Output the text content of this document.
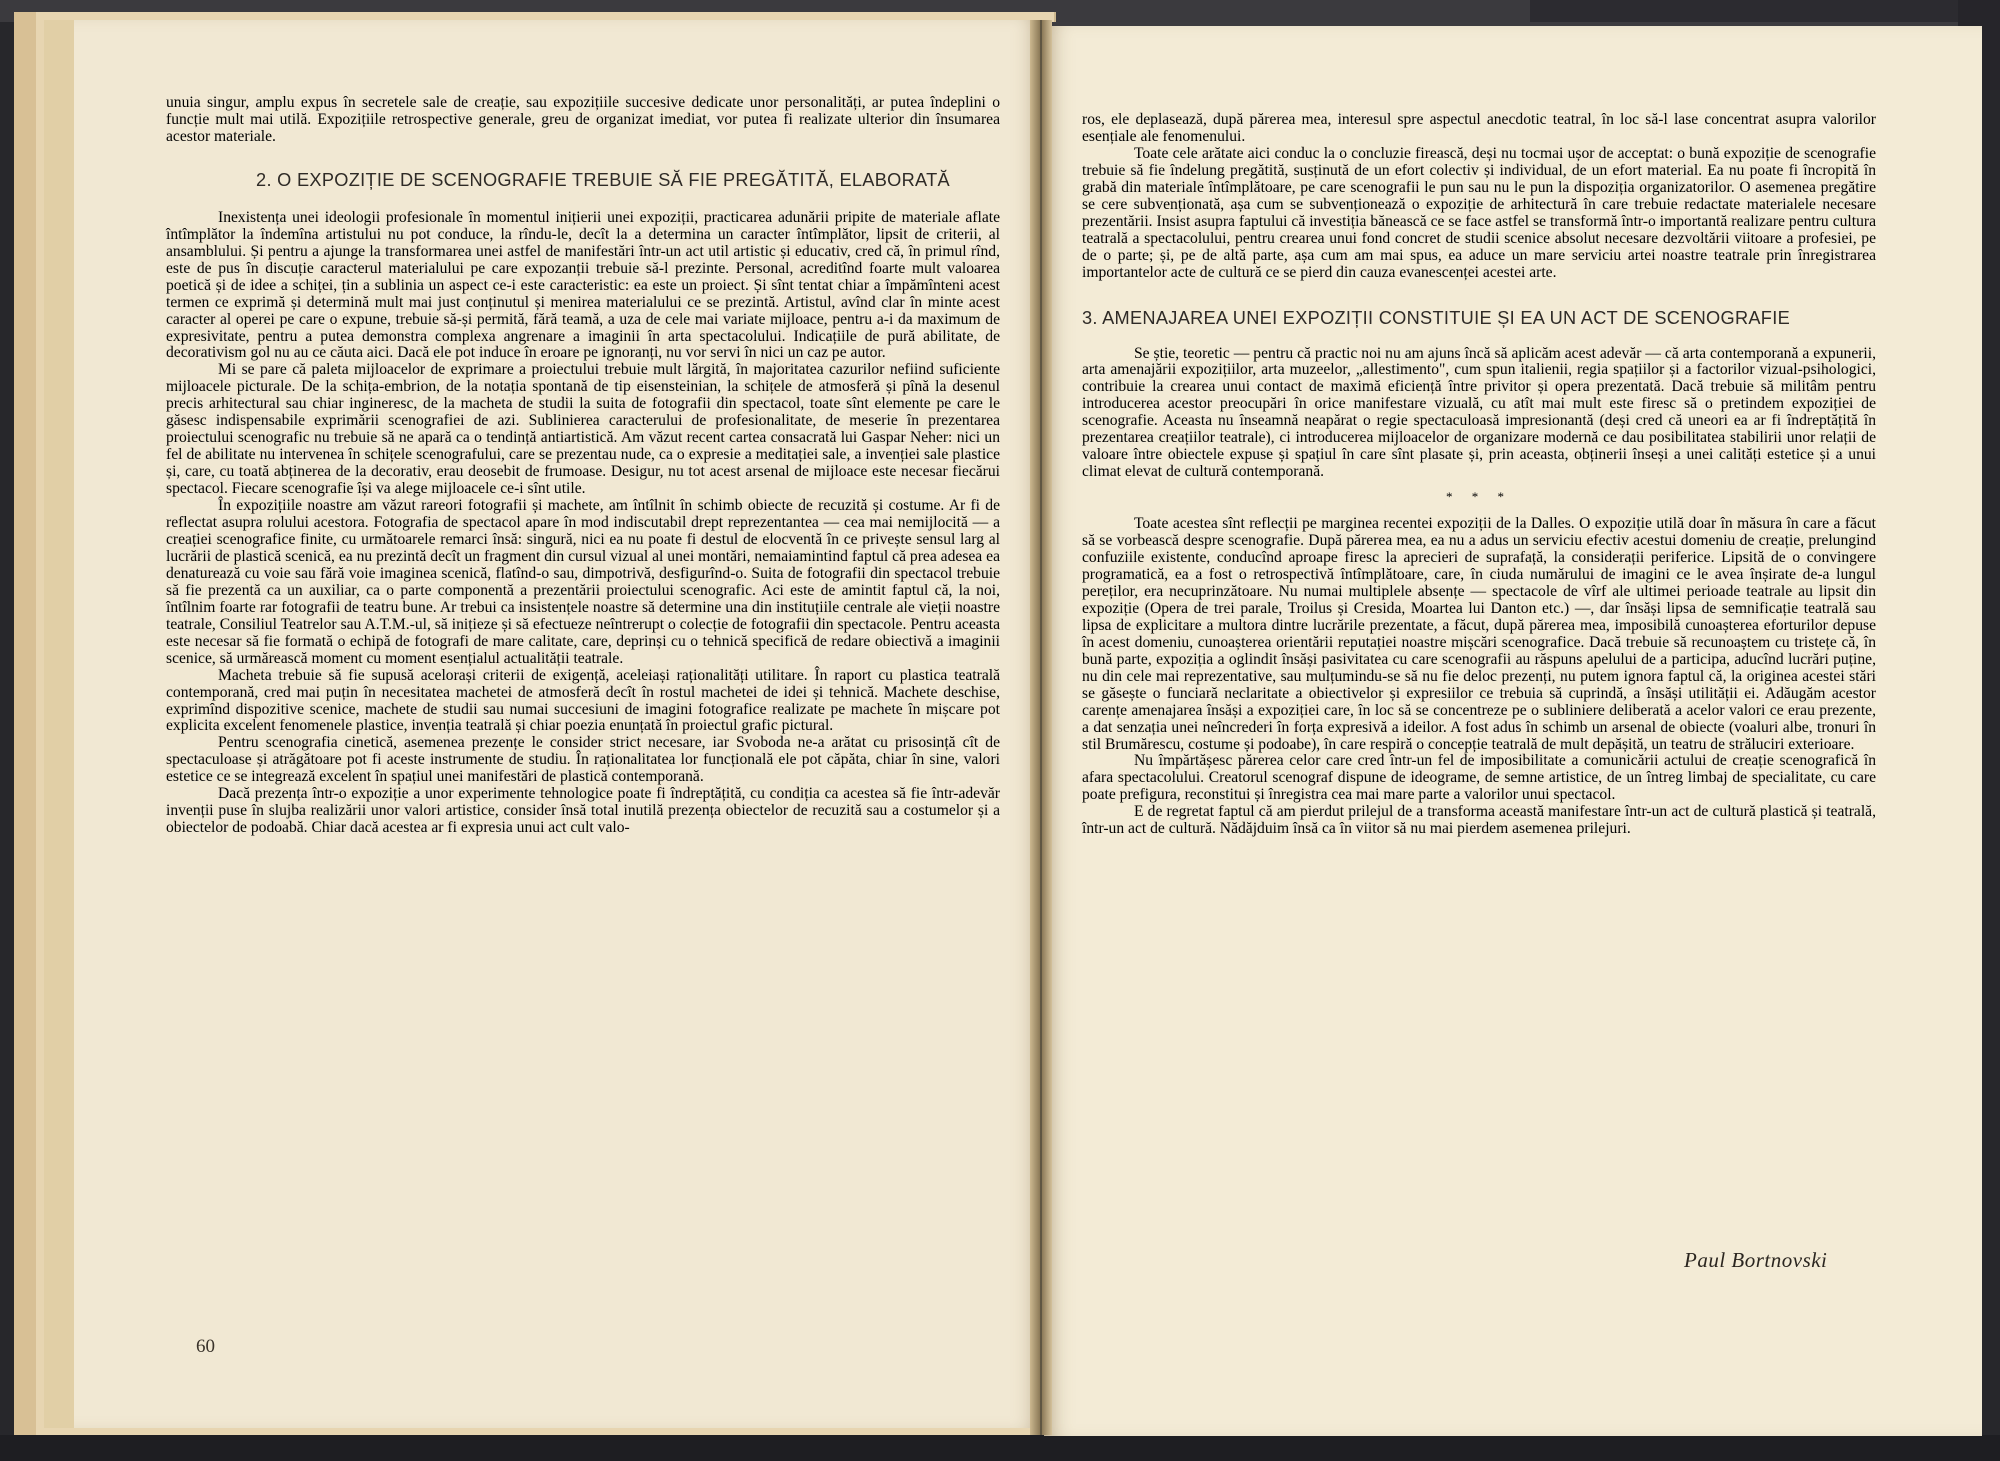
unuia singur, amplu expus în secretele sale de creație, sau expozițiile succesive dedicate unor personalități, ar putea îndeplini o funcție mult mai utilă. Expozițiile retrospective generale, greu de organizat imediat, vor putea fi realizate ulterior din însumarea acestor materiale.

2. O EXPOZIȚIE DE SCENOGRAFIE TREBUIE SĂ FIE PREGĂTITĂ, ELABORATĂ

Inexistența unei ideologii profesionale în momentul inițierii unei expoziții, practicarea adunării pripite de materiale aflate întîmplător la îndemîna artistului nu pot conduce, la rîndu-le, decît la a determina un caracter întîmplător, lipsit de criterii, al ansamblului. Și pentru a ajunge la transformarea unei astfel de manifestări într-un act util artistic și educativ, cred că, în primul rînd, este de pus în discuție caracterul materialului pe care expozanții trebuie să-l prezinte. Personal, acreditînd foarte mult valoarea poetică și de idee a schiței, țin a sublinia un aspect ce-i este caracteristic: ea este un proiect. Și sînt tentat chiar a împămînteni acest termen ce exprimă și determină mult mai just conținutul și menirea materialului ce se prezintă. Artistul, avînd clar în minte acest caracter al operei pe care o expune, trebuie să-și permită, fără teamă, a uza de cele mai variate mijloace, pentru a-i da maximum de expresivitate, pentru a putea demonstra complexa angrenare a imaginii în arta spectacolului. Indicațiile de pură abilitate, de decorativism gol nu au ce căuta aici. Dacă ele pot induce în eroare pe ignoranți, nu vor servi în nici un caz pe autor.

Mi se pare că paleta mijloacelor de exprimare a proiectului trebuie mult lărgită, în majoritatea cazurilor nefiind suficiente mijloacele picturale. De la schița-embrion, de la notația spontană de tip eisensteinian, la schițele de atmosferă și pînă la desenul precis arhitectural sau chiar ingineresc, de la macheta de studii la suita de fotografii din spectacol, toate sînt elemente pe care le găsesc indispensabile exprimării scenografiei de azi. Sublinierea caracterului de profesionalitate, de meserie în prezentarea proiectului scenografic nu trebuie să ne apară ca o tendință antiartistică. Am văzut recent cartea consacrată lui Gaspar Neher: nici un fel de abilitate nu intervenea în schițele scenografului, care se prezentau nude, ca o expresie a meditației sale, a invenției sale plastice și, care, cu toată abținerea de la decorativ, erau deosebit de frumoase. Desigur, nu tot acest arsenal de mijloace este necesar fiecărui spectacol. Fiecare scenografie își va alege mijloacele ce-i sînt utile.

În expozițiile noastre am văzut rareori fotografii și machete, am întîlnit în schimb obiecte de recuzită și costume. Ar fi de reflectat asupra rolului acestora. Fotografia de spectacol apare în mod indiscutabil drept reprezentantea — cea mai nemijlocită — a creației scenografice finite, cu următoarele remarci însă: singură, nici ea nu poate fi destul de elocventă în ce privește sensul larg al lucrării de plastică scenică, ea nu prezintă decît un fragment din cursul vizual al unei montări, nemaiamintind faptul că prea adesea ea denaturează cu voie sau fără voie imaginea scenică, flatînd-o sau, dimpotrivă, desfigurînd-o. Suita de fotografii din spectacol trebuie să fie prezentă ca un auxiliar, ca o parte componentă a prezentării proiectului scenografic. Aci este de amintit faptul că, la noi, întîlnim foarte rar fotografii de teatru bune. Ar trebui ca insistențele noastre să determine una din instituțiile centrale ale vieții noastre teatrale, Consiliul Teatrelor sau A.T.M.-ul, să inițieze și să efectueze neîntrerupt o colecție de fotografii din spectacole. Pentru aceasta este necesar să fie formată o echipă de fotografi de mare calitate, care, deprinși cu o tehnică specifică de redare obiectivă a imaginii scenice, să urmărească moment cu moment esențialul actualității teatrale.

Macheta trebuie să fie supusă acelorași criterii de exigență, aceleiași raționalități utilitare. În raport cu plastica teatrală contemporană, cred mai puțin în necesitatea machetei de atmosferă decît în rostul machetei de idei și tehnică. Machete deschise, exprimînd dispozitive scenice, machete de studii sau numai succesiuni de imagini fotografice realizate pe machete în mișcare pot explicita excelent fenomenele plastice, invenția teatrală și chiar poezia enunțată în proiectul grafic pictural.

Pentru scenografia cinetică, asemenea prezențe le consider strict necesare, iar Svoboda ne-a arătat cu prisosință cît de spectaculoase și atrăgătoare pot fi aceste instrumente de studiu. În raționalitatea lor funcțională ele pot căpăta, chiar în sine, valori estetice ce se integrează excelent în spațiul unei manifestări de plastică contemporană.

Dacă prezența într-o expoziție a unor experimente tehnologice poate fi îndreptățită, cu condiția ca acestea să fie într-adevăr invenții puse în slujba realizării unor valori artistice, consider însă total inutilă prezența obiectelor de recuzită sau a costumelor și a obiectelor de podoabă. Chiar dacă acestea ar fi expresia unui act cult valo-

60

ros, ele deplasează, după părerea mea, interesul spre aspectul anecdotic teatral, în loc să-l lase concentrat asupra valorilor esențiale ale fenomenului.

Toate cele arătate aici conduc la o concluzie firească, deși nu tocmai ușor de acceptat: o bună expoziție de scenografie trebuie să fie îndelung pregătită, susținută de un efort colectiv și individual, de un efort material. Ea nu poate fi încropită în grabă din materiale întîmplătoare, pe care scenografii le pun sau nu le pun la dispoziția organizatorilor. O asemenea pregătire se cere subvenționată, așa cum se subvenționează o expoziție de arhitectură în care trebuie redactate materialele necesare prezentării. Insist asupra faptului că investiția bănească ce se face astfel se transformă într-o importantă realizare pentru cultura teatrală a spectacolului, pentru crearea unui fond concret de studii scenice absolut necesare dezvoltării viitoare a profesiei, pe de o parte; și, pe de altă parte, așa cum am mai spus, ea aduce un mare serviciu artei noastre teatrale prin înregistrarea importantelor acte de cultură ce se pierd din cauza evanescenței acestei arte.

3. AMENAJAREA UNEI EXPOZIȚII CONSTITUIE ȘI EA UN ACT DE SCENOGRAFIE

Se știe, teoretic — pentru că practic noi nu am ajuns încă să aplicăm acest adevăr — că arta contemporană a expunerii, arta amenajării expozițiilor, arta muzeelor, „allestimento", cum spun italienii, regia spațiilor și a factorilor vizual-psihologici, contribuie la crearea unui contact de maximă eficiență între privitor și opera prezentată. Dacă trebuie să militâm pentru introducerea acestor preocupări în orice manifestare vizuală, cu atît mai mult este firesc să o pretindem expoziției de scenografie. Aceasta nu înseamnă neapărat o regie spectaculoasă impresionantă (deși cred că uneori ea ar fi îndreptățită în prezentarea creațiilor teatrale), ci introducerea mijloacelor de organizare modernă ce dau posibilitatea stabilirii unor relații de valoare între obiectele expuse și spațiul în care sînt plasate și, prin aceasta, obținerii înseși a unei calități estetice și a unui climat elevat de cultură contemporană.

* * *

Toate acestea sînt reflecții pe marginea recentei expoziții de la Dalles. O expoziție utilă doar în măsura în care a făcut să se vorbească despre scenografie. După părerea mea, ea nu a adus un serviciu efectiv acestui domeniu de creație, prelungind confuziile existente, conducînd aproape firesc la aprecieri de suprafață, la considerații periferice. Lipsită de o convingere programatică, ea a fost o retrospectivă întîmplătoare, care, în ciuda numărului de imagini ce le avea înșirate de-a lungul pereților, era necuprinzătoare. Nu numai multiplele absențe — spectacole de vîrf ale ultimei perioade teatrale au lipsit din expoziție (Opera de trei parale, Troilus și Cresida, Moartea lui Danton etc.) —, dar însăși lipsa de semnificație teatrală sau lipsa de explicitare a multora dintre lucrările prezentate, a făcut, după părerea mea, imposibilă cunoașterea eforturilor depuse în acest domeniu, cunoașterea orientării reputației noastre mișcări scenografice. Dacă trebuie să recunoaștem cu tristețe că, în bună parte, expoziția a oglindit însăși pasivitatea cu care scenografii au răspuns apelului de a participa, aducînd lucrări puține, nu din cele mai reprezentative, sau mulțumindu-se să nu fie deloc prezenți, nu putem ignora faptul că, la originea acestei stări se găsește o funciară neclaritate a obiectivelor și expresiilor ce trebuia să cuprindă, a însăși utilității ei. Adăugăm acestor carențe amenajarea însăși a expoziției care, în loc să se concentreze pe o subliniere deliberată a acelor valori ce erau prezente, a dat senzația unei neîncrederi în forța expresivă a ideilor. A fost adus în schimb un arsenal de obiecte (voaluri albe, tronuri în stil Brumărescu, costume și podoabe), în care respiră o concepție teatrală de mult depășită, un teatru de străluciri exterioare.

Nu împărtășesc părerea celor care cred într-un fel de imposibilitate a comunicării actului de creație scenografică în afara spectacolului. Creatorul scenograf dispune de ideograme, de semne artistice, de un întreg limbaj de specialitate, cu care poate prefigura, reconstitui și înregistra cea mai mare parte a valorilor unui spectacol.

E de regretat faptul că am pierdut prilejul de a transforma această manifestare într-un act de cultură plastică și teatrală, într-un act de cultură. Nădăjduim însă ca în viitor să nu mai pierdem asemenea prilejuri.

Paul Bortnovski
